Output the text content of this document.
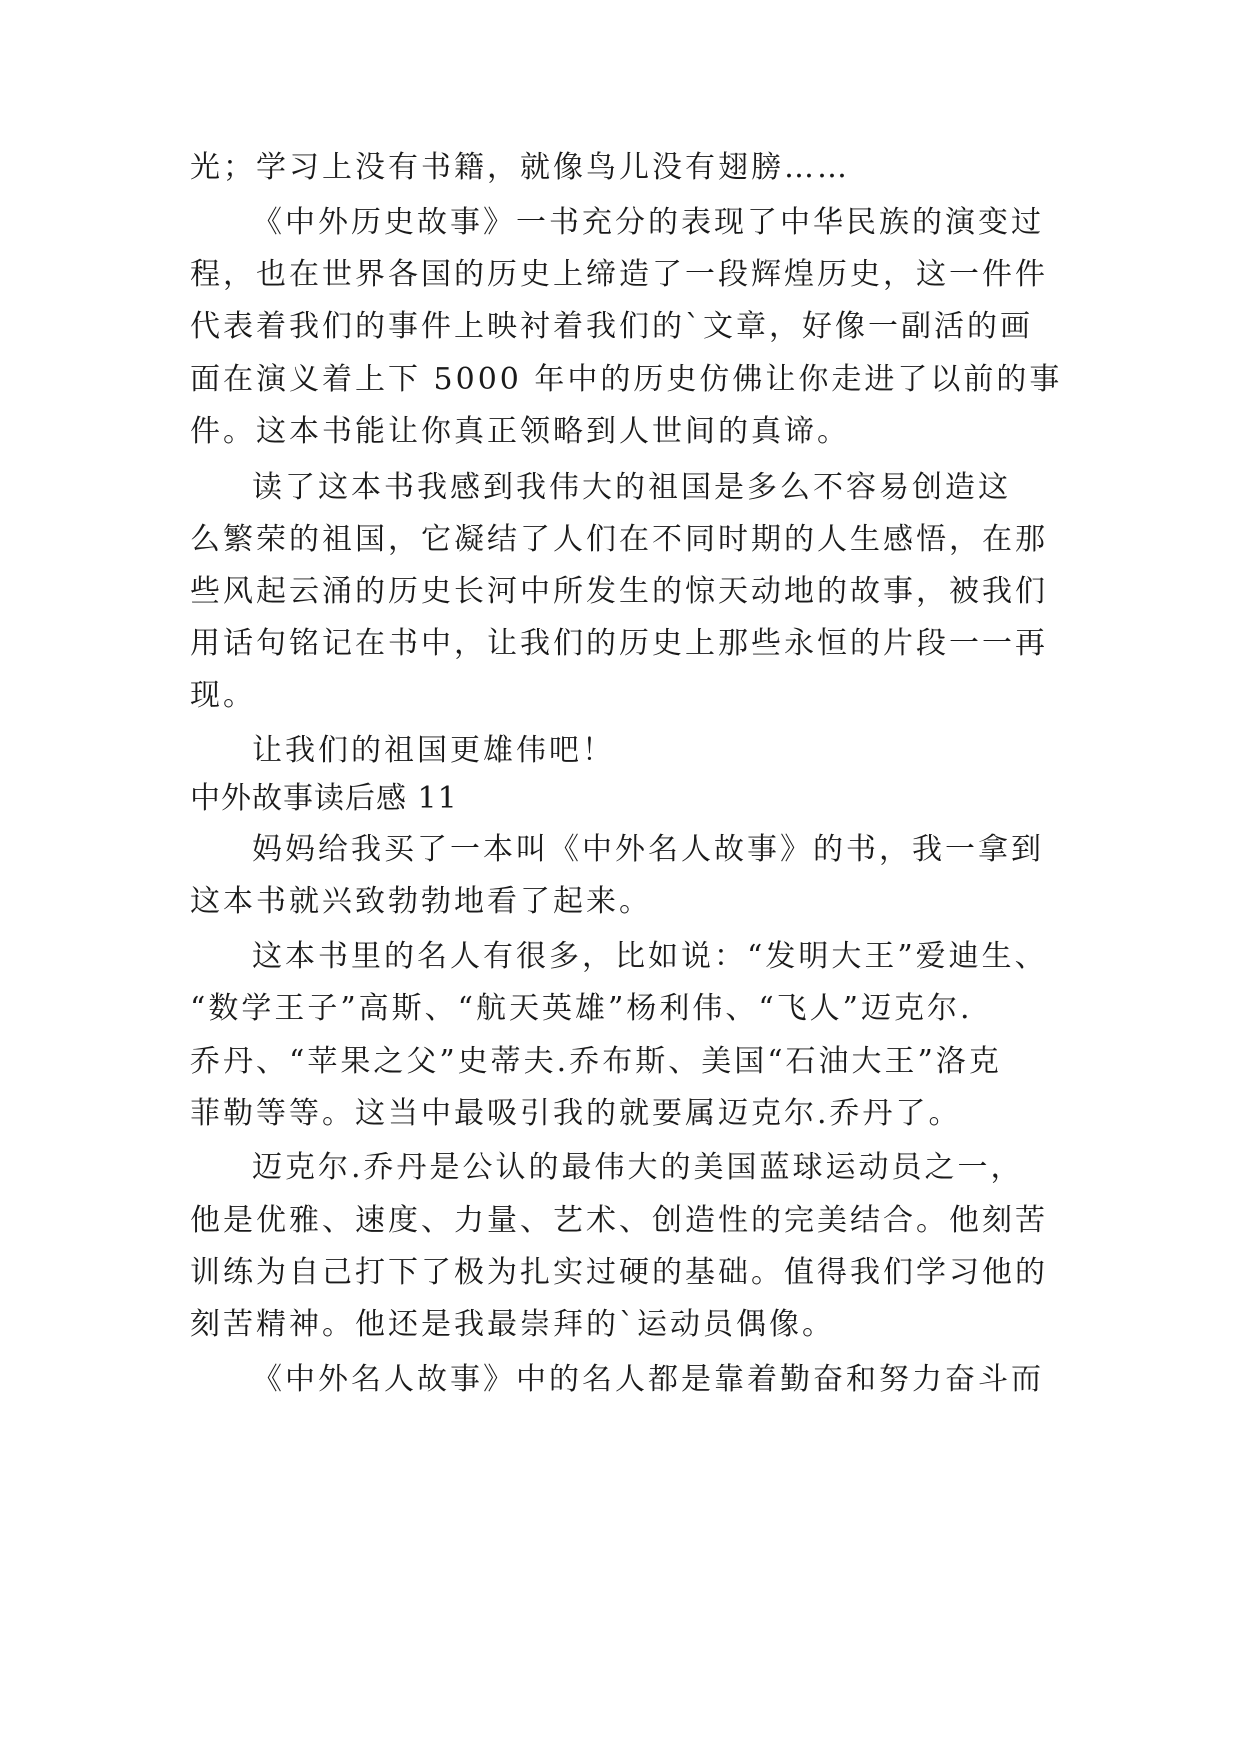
光；学习上没有书籍，就像鸟儿没有翅膀……
《中外历史故事》一书充分的表现了中华民族的演变过
程，也在世界各国的历史上缔造了一段辉煌历史，这一件件
代表着我们的事件上映衬着我们的`文章，好像一副活的画
面在演义着上下 5000 年中的历史仿佛让你走进了以前的事
件。这本书能让你真正领略到人世间的真谛。
读了这本书我感到我伟大的祖国是多么不容易创造这
么繁荣的祖国，它凝结了人们在不同时期的人生感悟，在那
些风起云涌的历史长河中所发生的惊天动地的故事，被我们
用话句铭记在书中，让我们的历史上那些永恒的片段一一再
现。
让我们的祖国更雄伟吧！
中外故事读后感 11
妈妈给我买了一本叫《中外名人故事》的书，我一拿到
这本书就兴致勃勃地看了起来。
这本书里的名人有很多，比如说：“发明大王”爱迪生、
“数学王子”高斯、“航天英雄”杨利伟、“飞人”迈克尔.
乔丹、“苹果之父”史蒂夫.乔布斯、美国“石油大王”洛克
菲勒等等。这当中最吸引我的就要属迈克尔.乔丹了。
迈克尔.乔丹是公认的最伟大的美国蓝球运动员之一，
他是优雅、速度、力量、艺术、创造性的完美结合。他刻苦
训练为自己打下了极为扎实过硬的基础。值得我们学习他的
刻苦精神。他还是我最崇拜的`运动员偶像。
《中外名人故事》中的名人都是靠着勤奋和努力奋斗而
